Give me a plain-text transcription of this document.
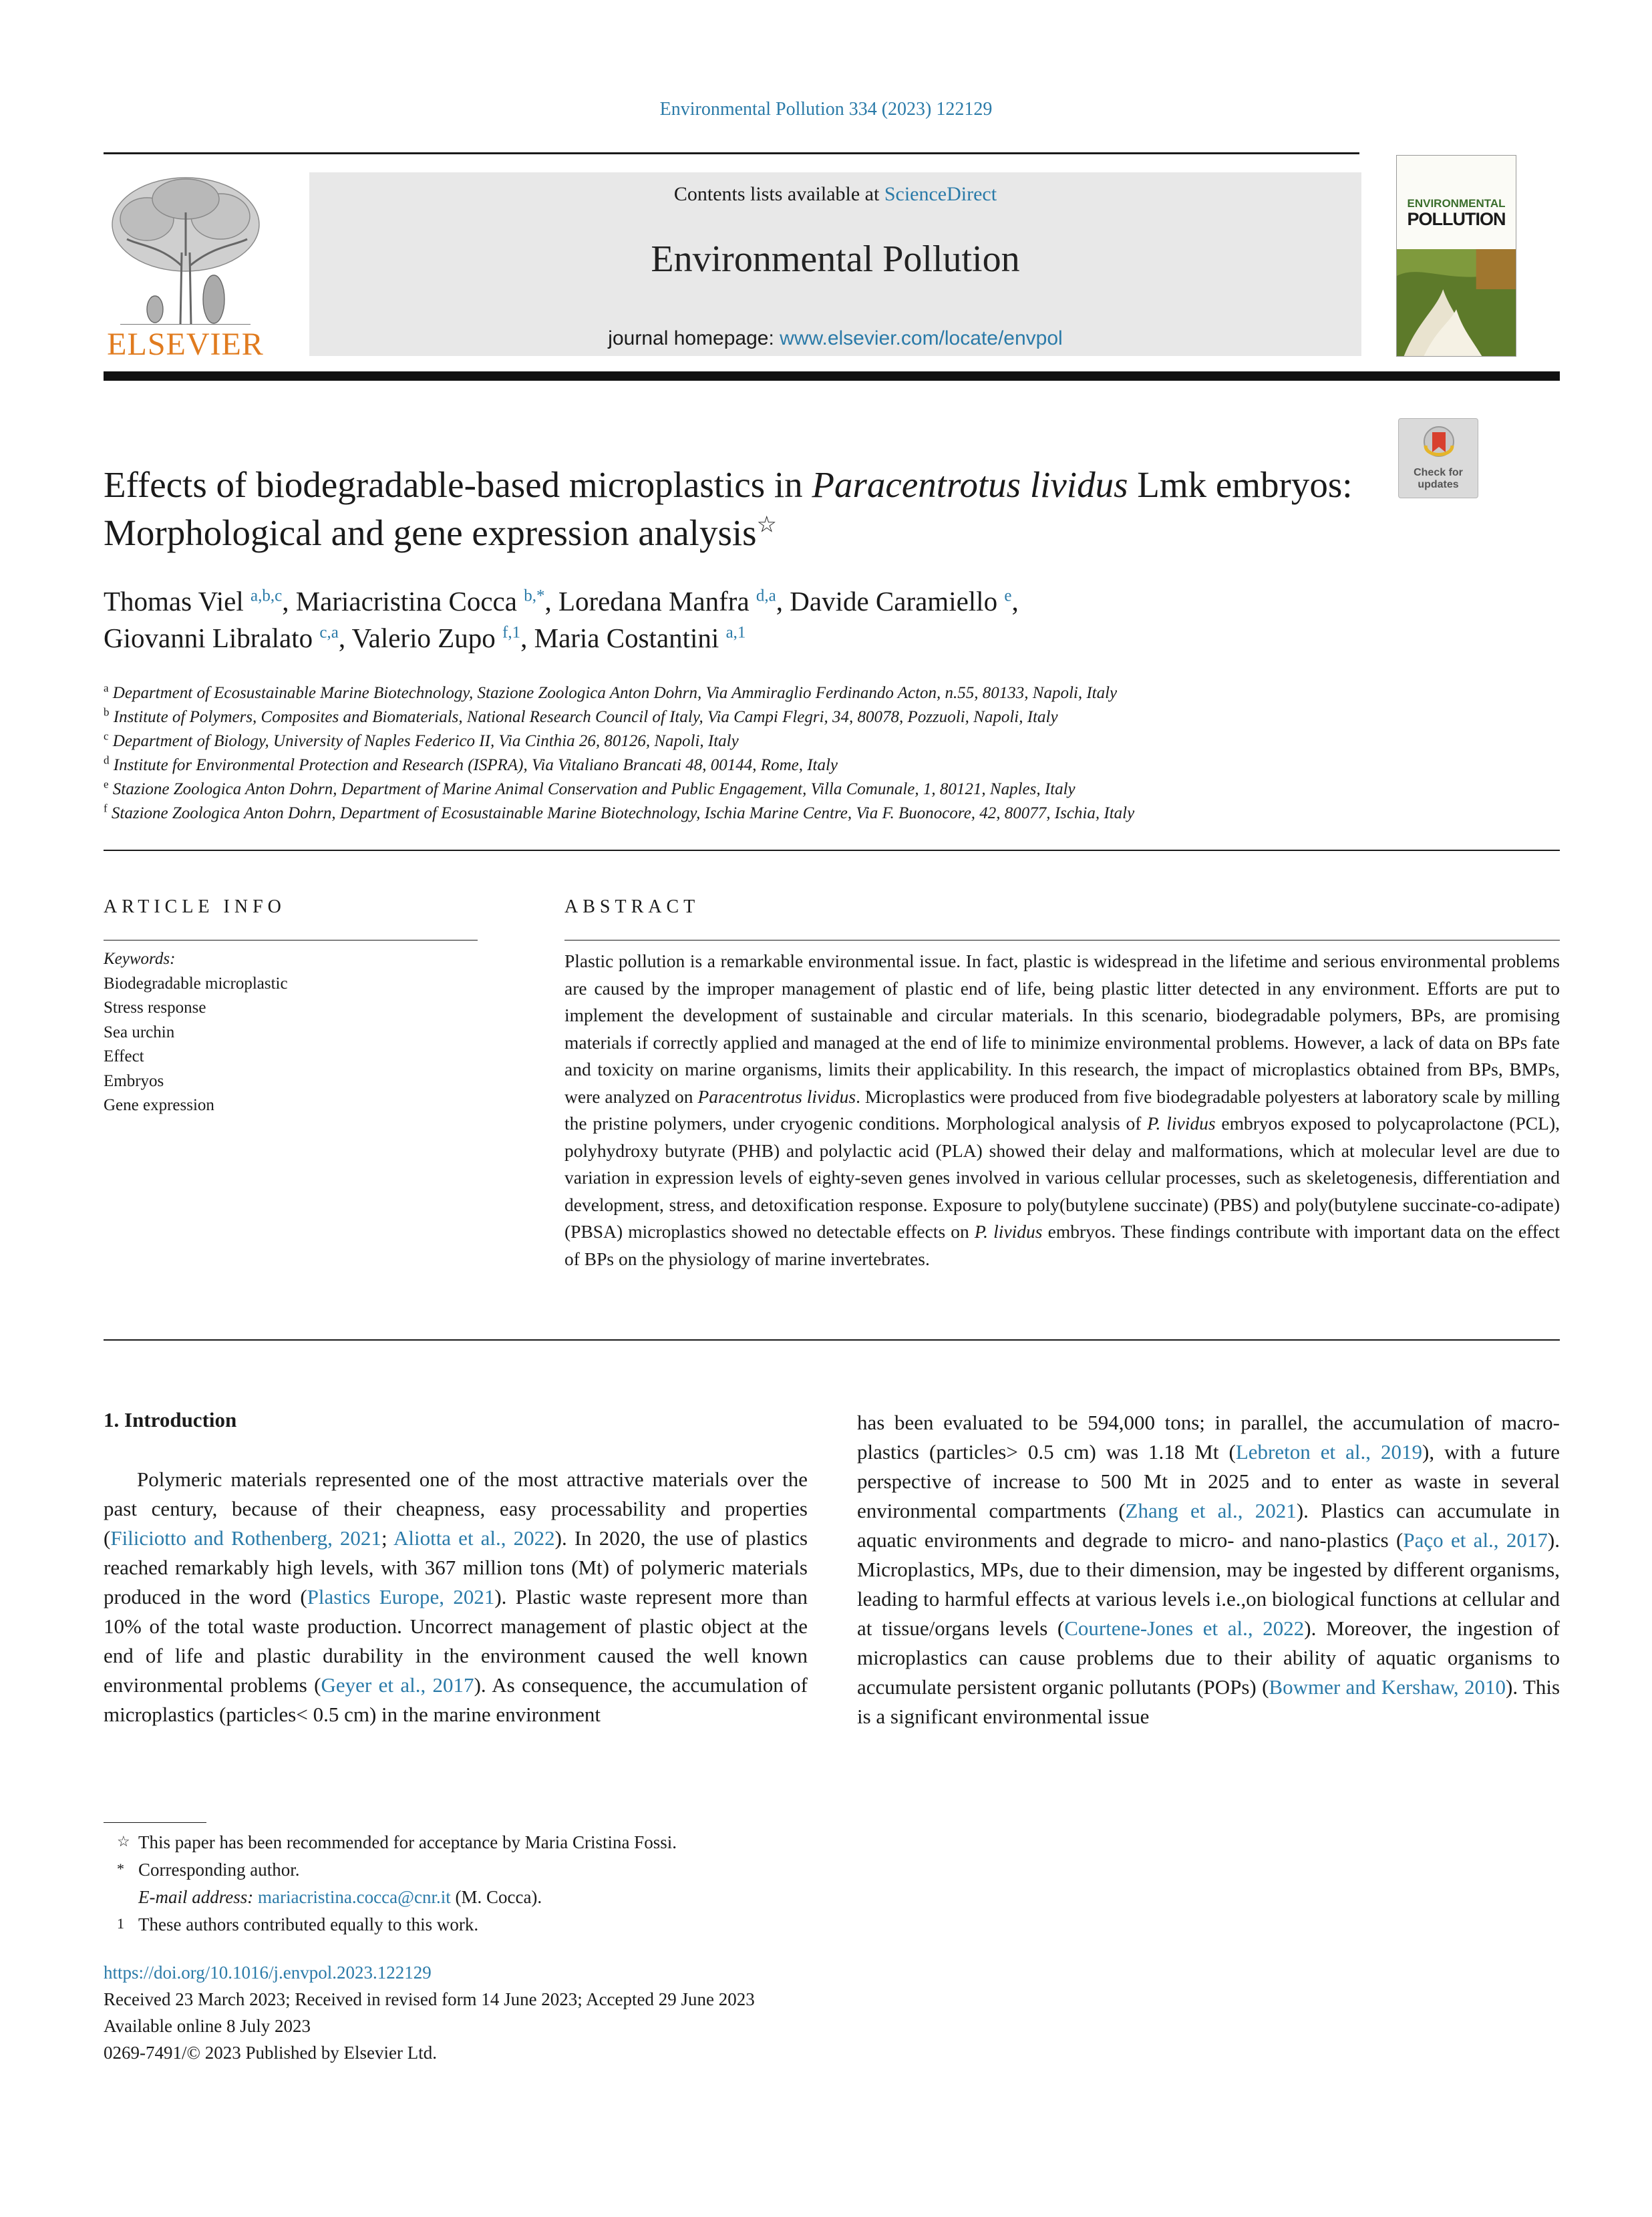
Environmental Pollution 334 (2023) 122129
ELSEVIER
Contents lists available at ScienceDirect
Environmental Pollution
journal homepage: www.elsevier.com/locate/envpol
ENVIRONMENTAL
POLLUTION
Check for
updates
Effects of biodegradable-based microplastics in Paracentrotus lividus Lmk embryos: Morphological and gene expression analysis☆
Thomas Viel $^{a,b,c}$, Mariacristina Cocca $^{b,*}$, Loredana Manfra $^{d,a}$, Davide Caramiello $^e$,
Giovanni Libralato $^{c,a}$, Valerio Zupo $^{f,1}$, Maria Costantini $^{a,1}$
$^a$ Department of Ecosustainable Marine Biotechnology, Stazione Zoologica Anton Dohrn, Via Ammiraglio Ferdinando Acton, n.55, 80133, Napoli, Italy
$^b$ Institute of Polymers, Composites and Biomaterials, National Research Council of Italy, Via Campi Flegri, 34, 80078, Pozzuoli, Napoli, Italy
$^c$ Department of Biology, University of Naples Federico II, Via Cinthia 26, 80126, Napoli, Italy
$^d$ Institute for Environmental Protection and Research (ISPRA), Via Vitaliano Brancati 48, 00144, Rome, Italy
$^e$ Stazione Zoologica Anton Dohrn, Department of Marine Animal Conservation and Public Engagement, Villa Comunale, 1, 80121, Naples, Italy
$^f$ Stazione Zoologica Anton Dohrn, Department of Ecosustainable Marine Biotechnology, Ischia Marine Centre, Via F. Buonocore, 42, 80077, Ischia, Italy
ARTICLE INFO	ABSTRACT
Keywords:
Biodegradable microplastic
Stress response
Sea urchin
Effect
Embryos
Gene expression
Plastic pollution is a remarkable environmental issue. In fact, plastic is widespread in the lifetime and serious environmental problems are caused by the improper management of plastic end of life, being plastic litter detected in any environment. Efforts are put to implement the development of sustainable and circular materials. In this scenario, biodegradable polymers, BPs, are promising materials if correctly applied and managed at the end of life to minimize environmental problems. However, a lack of data on BPs fate and toxicity on marine organisms, limits their applicability. In this research, the impact of microplastics obtained from BPs, BMPs, were analyzed on Paracentrotus lividus. Microplastics were produced from five biodegradable polyesters at laboratory scale by milling the pristine polymers, under cryogenic conditions. Morphological analysis of P. lividus embryos exposed to polycaprolactone (PCL), polyhydroxy butyrate (PHB) and polylactic acid (PLA) showed their delay and malformations, which at molecular level are due to variation in expression levels of eighty-seven genes involved in various cellular processes, such as skeletogenesis, differentiation and development, stress, and detoxification response. Exposure to poly(butylene succinate) (PBS) and poly(butylene succinate-co-adipate) (PBSA) microplastics showed no detectable effects on P. lividus embryos. These findings contribute with important data on the effect of BPs on the physiology of marine invertebrates.
1. Introduction
Polymeric materials represented one of the most attractive materials over the past century, because of their cheapness, easy processability and properties (Filiciotto and Rothenberg, 2021; Aliotta et al., 2022). In 2020, the use of plastics reached remarkably high levels, with 367 million tons (Mt) of polymeric materials produced in the word (Plastics Europe, 2021). Plastic waste represent more than 10% of the total waste production. Uncorrect management of plastic object at the end of life and plastic durability in the environment caused the well known environmental problems (Geyer et al., 2017). As consequence, the accumulation of microplastics (particles< 0.5 cm) in the marine environment
has been evaluated to be 594,000 tons; in parallel, the accumulation of macro-plastics (particles> 0.5 cm) was 1.18 Mt (Lebreton et al., 2019), with a future perspective of increase to 500 Mt in 2025 and to enter as waste in several environmental compartments (Zhang et al., 2021). Plastics can accumulate in aquatic environments and degrade to micro- and nano-plastics (Paço et al., 2017). Microplastics, MPs, due to their dimension, may be ingested by different organisms, leading to harmful effects at various levels i.e.,on biological functions at cellular and at tissue/organs levels (Courtene-Jones et al., 2022). Moreover, the ingestion of microplastics can cause problems due to their ability of aquatic organisms to accumulate persistent organic pollutants (POPs) (Bowmer and Kershaw, 2010). This is a significant environmental issue
☆ This paper has been recommended for acceptance by Maria Cristina Fossi.
* Corresponding author.
E-mail address: mariacristina.cocca@cnr.it (M. Cocca).
1 These authors contributed equally to this work.
https://doi.org/10.1016/j.envpol.2023.122129
Received 23 March 2023; Received in revised form 14 June 2023; Accepted 29 June 2023
Available online 8 July 2023
0269-7491/© 2023 Published by Elsevier Ltd.
